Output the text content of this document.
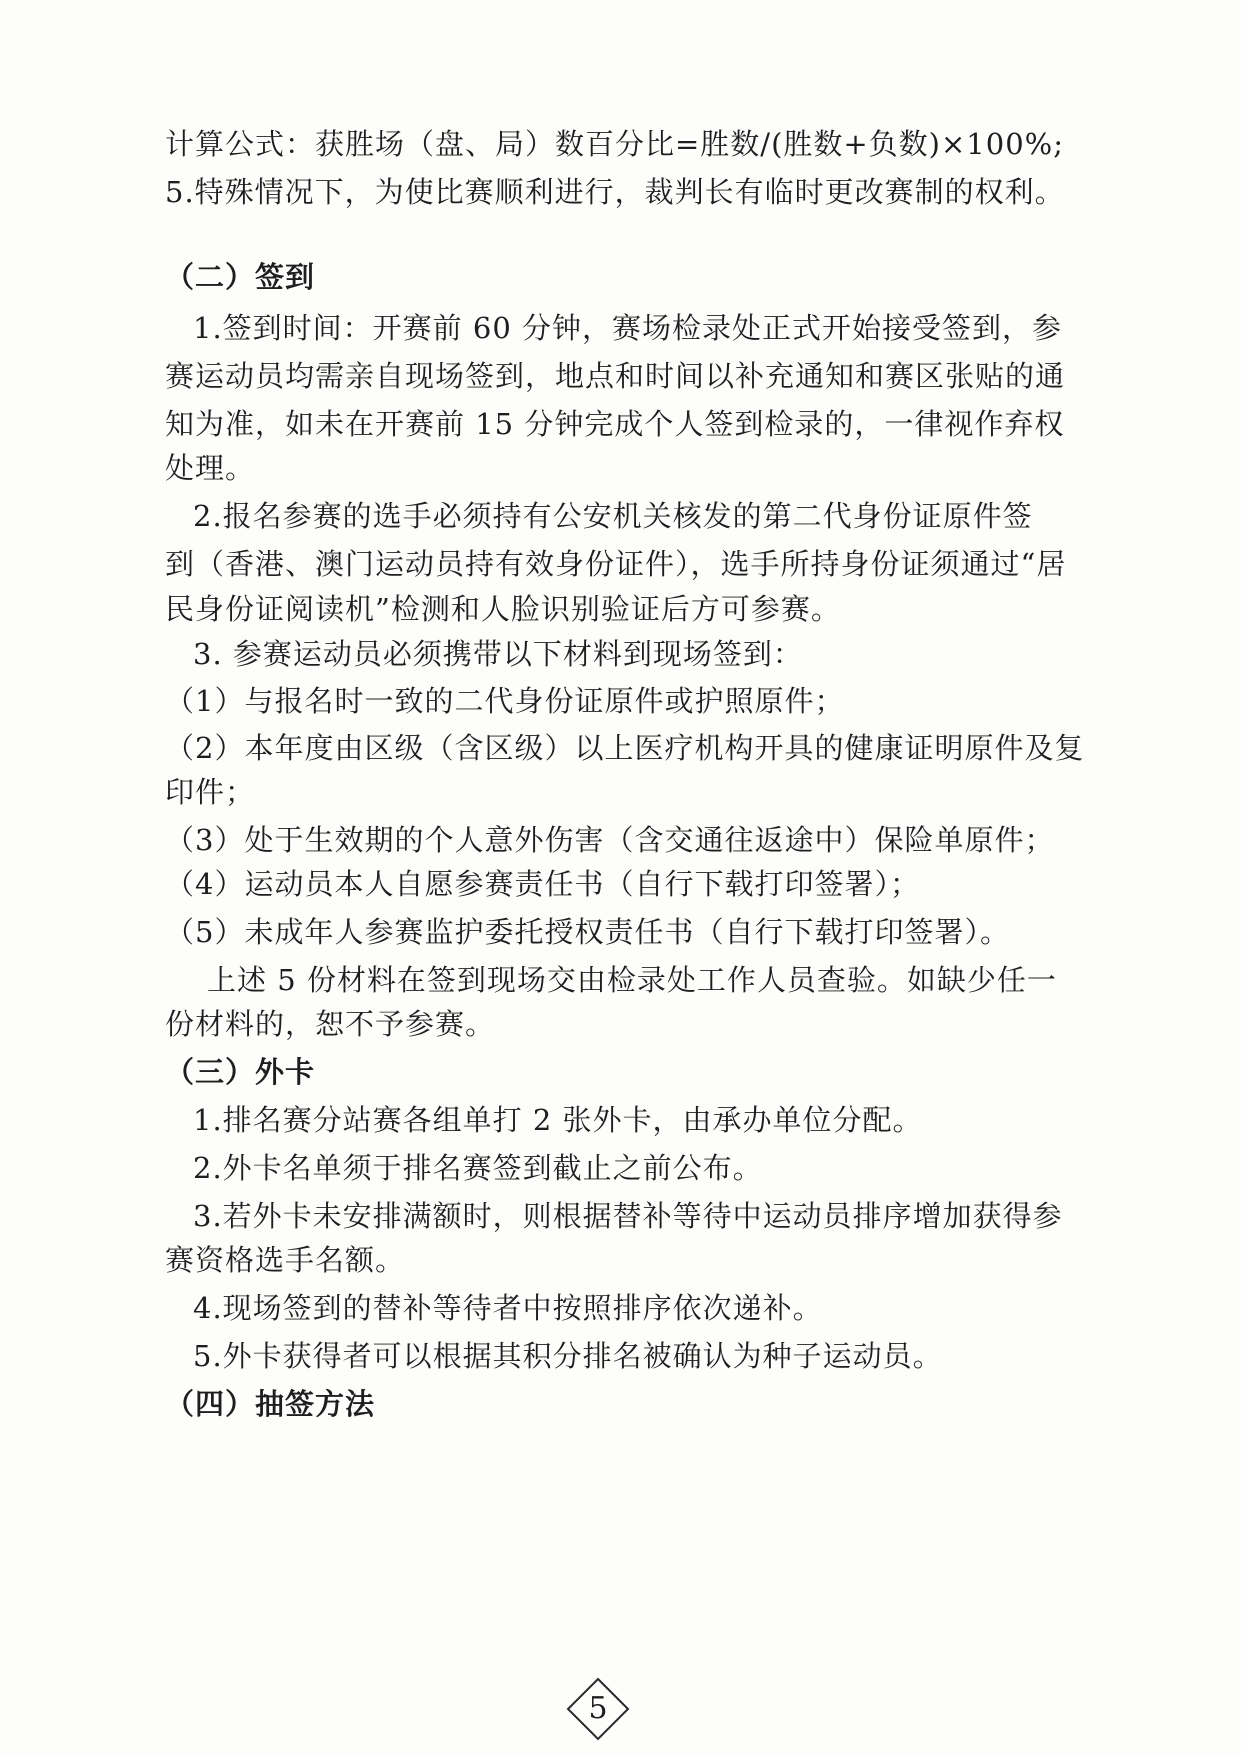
计算公式：获胜场（盘、局）数百分比=胜数/(胜数+负数)×100%;
5.特殊情况下，为使比赛顺利进行，裁判长有临时更改赛制的权利。
（二）签到
1.签到时间：开赛前 60 分钟，赛场检录处正式开始接受签到，参
赛运动员均需亲自现场签到，地点和时间以补充通知和赛区张贴的通
知为准，如未在开赛前 15 分钟完成个人签到检录的，一律视作弃权
处理。
2.报名参赛的选手必须持有公安机关核发的第二代身份证原件签
到（香港、澳门运动员持有效身份证件），选手所持身份证须通过“居
民身份证阅读机”检测和人脸识别验证后方可参赛。
3. 参赛运动员必须携带以下材料到现场签到：
（1）与报名时一致的二代身份证原件或护照原件；
（2）本年度由区级（含区级）以上医疗机构开具的健康证明原件及复
印件；
（3）处于生效期的个人意外伤害（含交通往返途中）保险单原件；
（4）运动员本人自愿参赛责任书（自行下载打印签署）；
（5）未成年人参赛监护委托授权责任书（自行下载打印签署）。
上述 5 份材料在签到现场交由检录处工作人员查验。如缺少任一
份材料的，恕不予参赛。
（三）外卡
1.排名赛分站赛各组单打 2 张外卡，由承办单位分配。
2.外卡名单须于排名赛签到截止之前公布。
3.若外卡未安排满额时，则根据替补等待中运动员排序增加获得参
赛资格选手名额。
4.现场签到的替补等待者中按照排序依次递补。
5.外卡获得者可以根据其积分排名被确认为种子运动员。
（四）抽签方法
5
